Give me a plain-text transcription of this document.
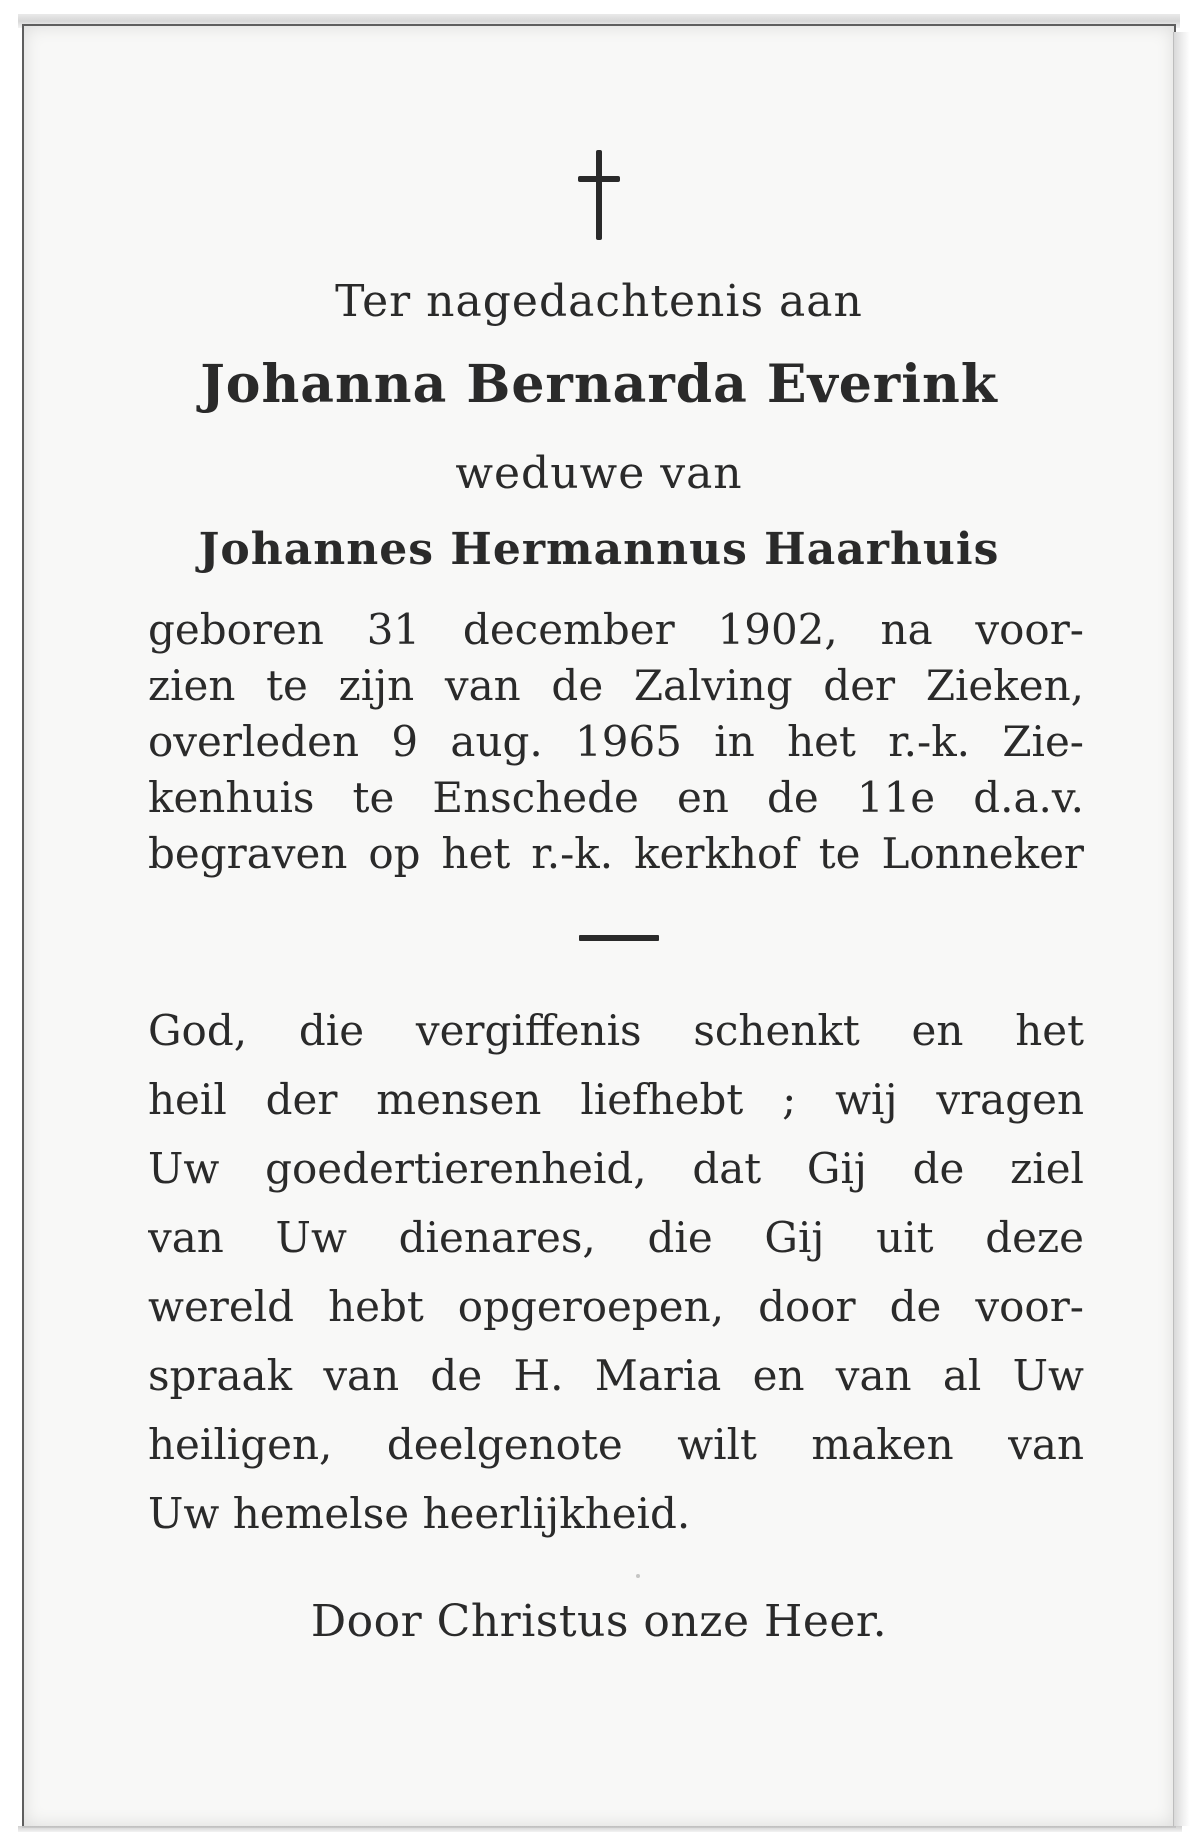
Ter nagedachtenis aan
Johanna Bernarda Everink
weduwe van
Johannes Hermannus Haarhuis
geboren 31 december 1902, na voor-
zien te zijn van de Zalving der Zieken,
overleden 9 aug. 1965 in het r.-k. Zie-
kenhuis te Enschede en de 11e d.a.v.
begraven op het r.-k. kerkhof te Lonneker
God, die vergiffenis schenkt en het
heil der mensen liefhebt ; wij vragen
Uw goedertierenheid, dat Gij de ziel
van Uw dienares, die Gij uit deze
wereld hebt opgeroepen, door de voor-
spraak van de H. Maria en van al Uw
heiligen, deelgenote wilt maken van
Uw hemelse heerlijkheid.
Door Christus onze Heer.
